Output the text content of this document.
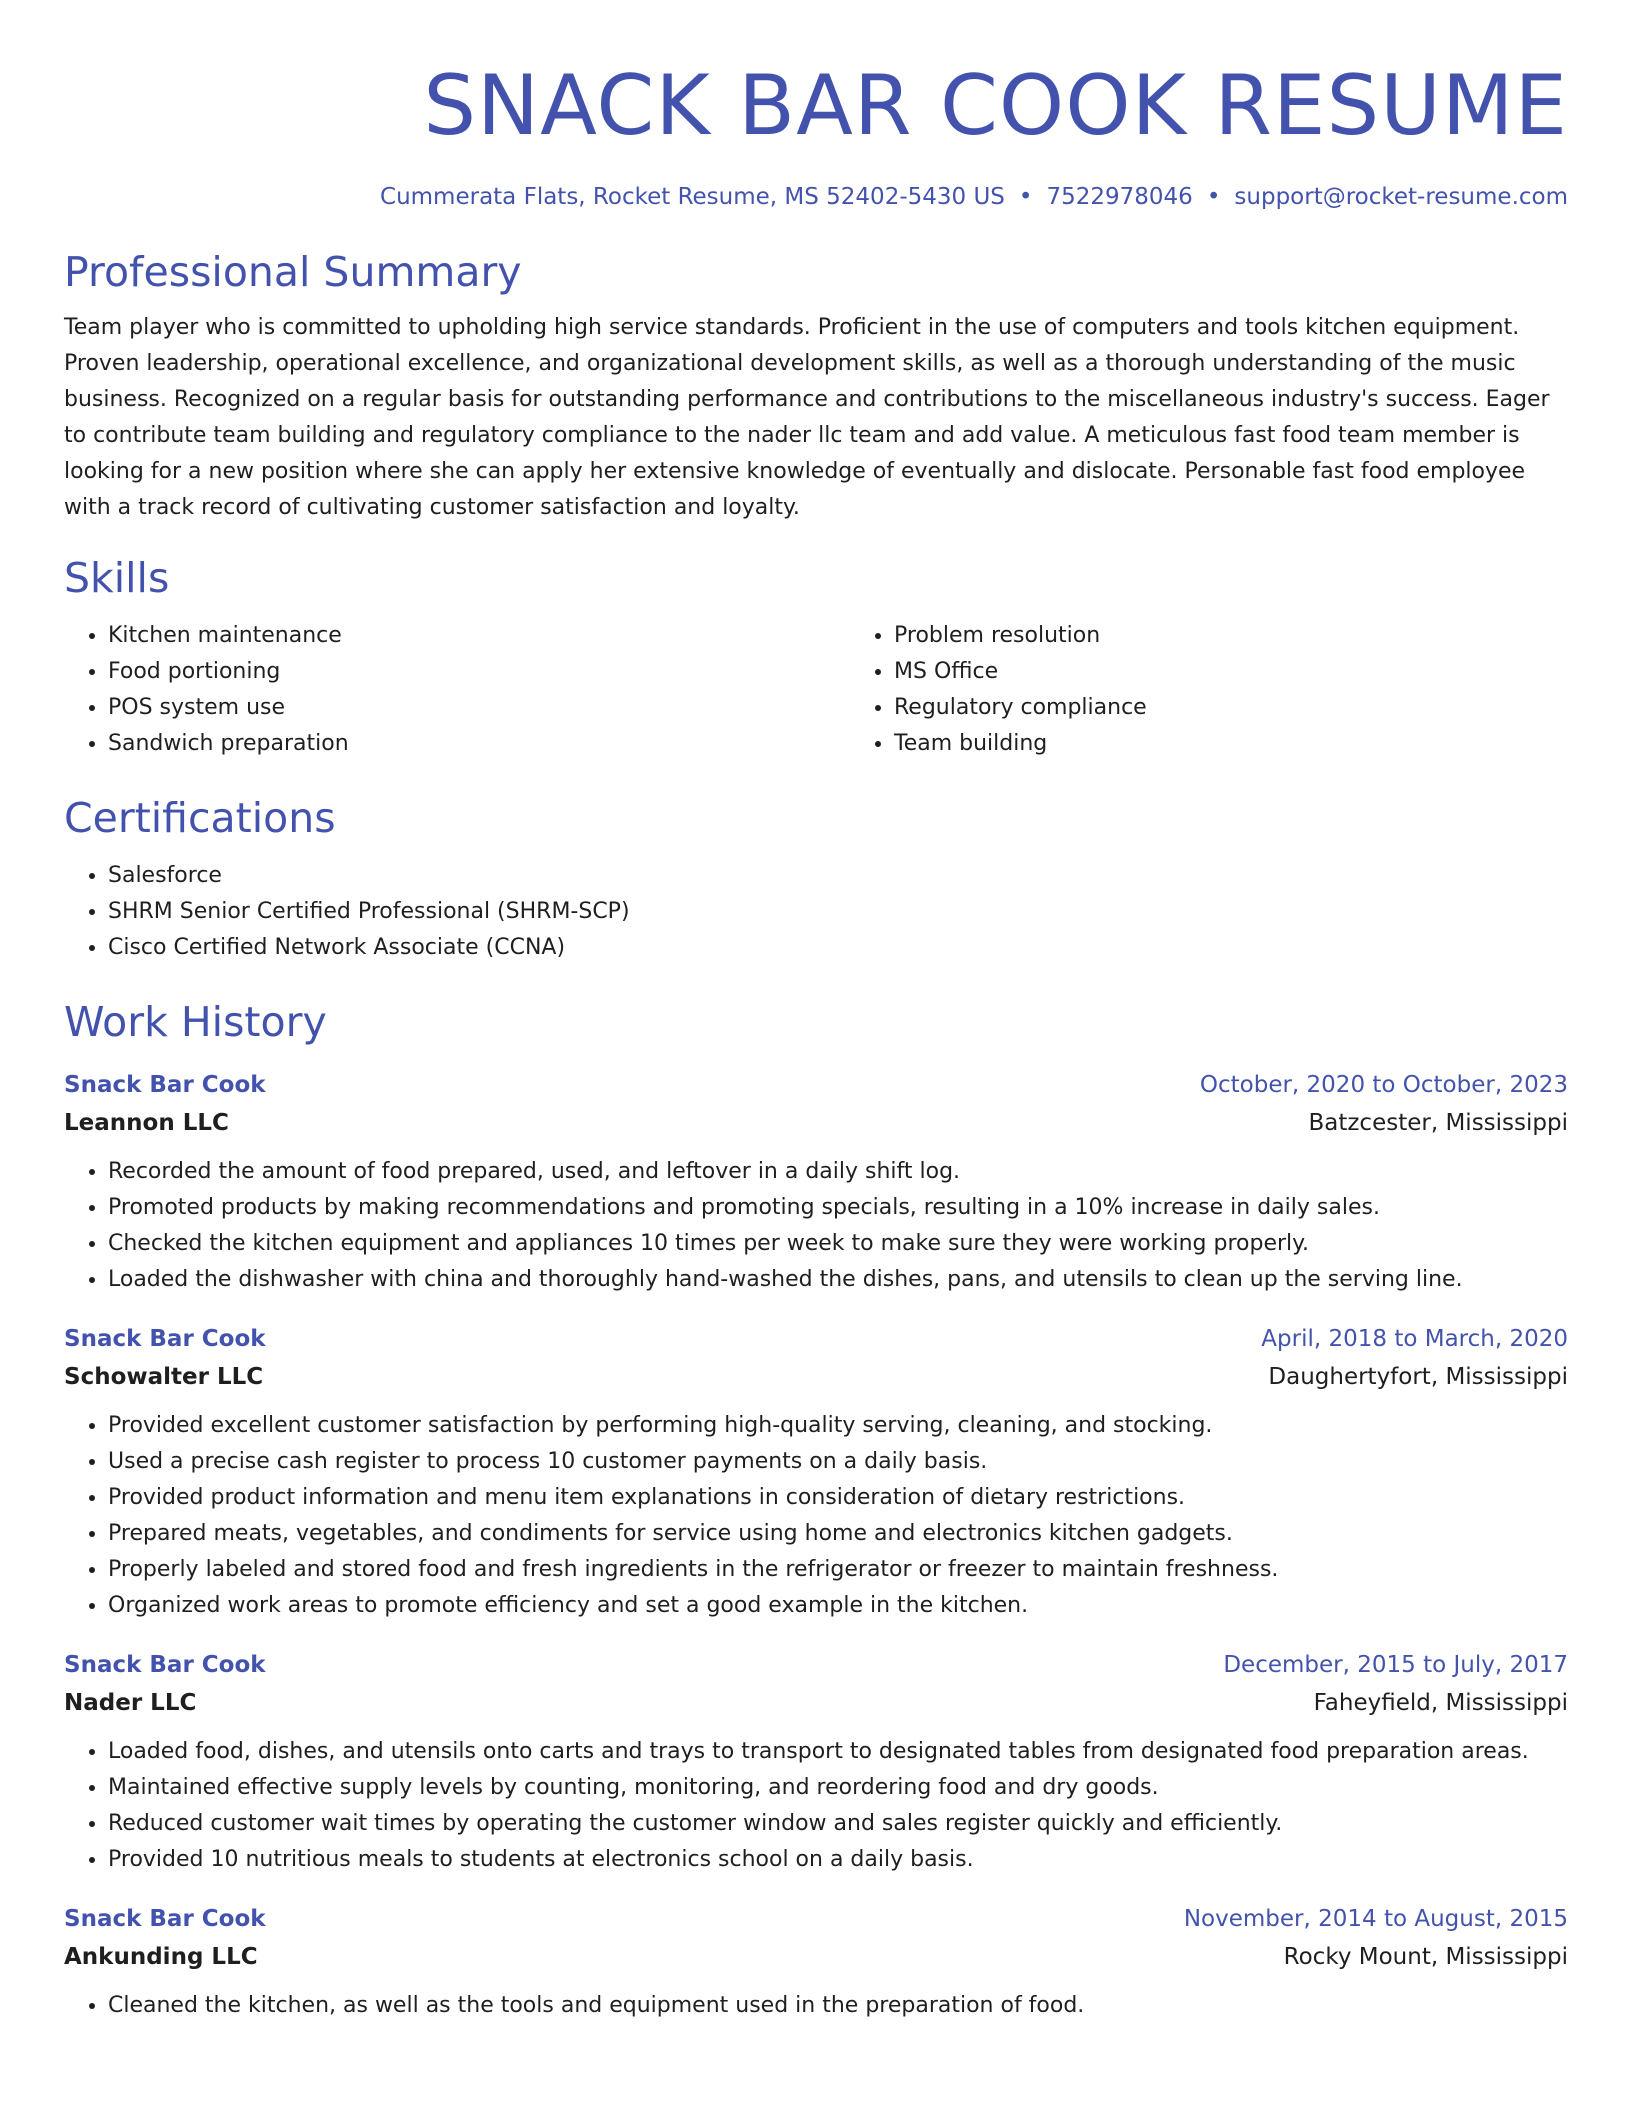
SNACK BAR COOK RESUME
Cummerata Flats, Rocket Resume, MS 52402-5430 US • 7522978046 • support@rocket-resume.com
Professional Summary

Team player who is committed to upholding high service standards. Proficient in the use of computers and tools kitchen equipment. Proven leadership, operational excellence, and organizational development skills, as well as a thorough understanding of the music business. Recognized on a regular basis for outstanding performance and contributions to the miscellaneous industry's success. Eager to contribute team building and regulatory compliance to the nader llc team and add value. A meticulous fast food team member is looking for a new position where she can apply her extensive knowledge of eventually and dislocate. Personable fast food employee with a track record of cultivating customer satisfaction and loyalty.

Skills
• Kitchen maintenance
• Food portioning
• POS system use
• Sandwich preparation
• Problem resolution
• MS Office
• Regulatory compliance
• Team building
Certifications
• Salesforce
• SHRM Senior Certified Professional (SHRM-SCP)
• Cisco Certified Network Associate (CCNA)
Work History
Snack Bar Cook	October, 2020 to October, 2023
Leannon LLC	Batzcester, Mississippi
• Recorded the amount of food prepared, used, and leftover in a daily shift log.
• Promoted products by making recommendations and promoting specials, resulting in a 10% increase in daily sales.
• Checked the kitchen equipment and appliances 10 times per week to make sure they were working properly.
• Loaded the dishwasher with china and thoroughly hand-washed the dishes, pans, and utensils to clean up the serving line.
Snack Bar Cook	April, 2018 to March, 2020
Schowalter LLC	Daughertyfort, Mississippi
• Provided excellent customer satisfaction by performing high-quality serving, cleaning, and stocking.
• Used a precise cash register to process 10 customer payments on a daily basis.
• Provided product information and menu item explanations in consideration of dietary restrictions.
• Prepared meats, vegetables, and condiments for service using home and electronics kitchen gadgets.
• Properly labeled and stored food and fresh ingredients in the refrigerator or freezer to maintain freshness.
• Organized work areas to promote efficiency and set a good example in the kitchen.
Snack Bar Cook	December, 2015 to July, 2017
Nader LLC	Faheyfield, Mississippi
• Loaded food, dishes, and utensils onto carts and trays to transport to designated tables from designated food preparation areas.
• Maintained effective supply levels by counting, monitoring, and reordering food and dry goods.
• Reduced customer wait times by operating the customer window and sales register quickly and efficiently.
• Provided 10 nutritious meals to students at electronics school on a daily basis.
Snack Bar Cook	November, 2014 to August, 2015
Ankunding LLC	Rocky Mount, Mississippi
• Cleaned the kitchen, as well as the tools and equipment used in the preparation of food.
